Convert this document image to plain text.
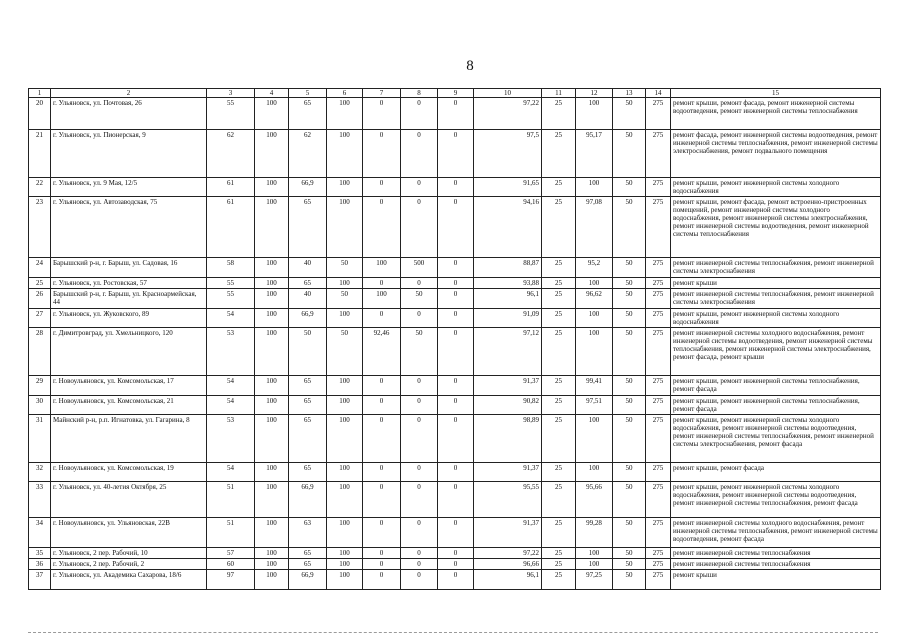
8
1	2	3	4	5	6	7	8	9	10	11	12	13	14	15
20	г. Ульяновск, ул. Почтовая, 26	55	100	65	100	0	0	0	97,22	25	100	50	275	ремонт крыши, ремонт фасада, ремонт инженерной системы водоотведения, ремонт инженерной системы теплоснабжения
21	г. Ульяновск, ул. Пионерская, 9	62	100	62	100	0	0	0	97,5	25	95,17	50	275	ремонт фасада, ремонт инженерной системы водоотведения, ремонт инженерной системы теплоснабжения, ремонт инженерной системы электроснабжения, ремонт подвального помещения
22	г. Ульяновск, ул. 9 Мая, 12/5	61	100	66,9	100	0	0	0	91,65	25	100	50	275	ремонт крыши, ремонт инженерной системы холодного водоснабжения
23	г. Ульяновск, ул. Автозаводская, 75	61	100	65	100	0	0	0	94,16	25	97,08	50	275	ремонт крыши, ремонт фасада, ремонт встроенно-пристроенных помещений, ремонт инженерной системы холодного водоснабжения, ремонт инженерной системы электроснабжения, ремонт инженерной системы водоотведения, ремонт инженерной системы теплоснабжения
24	Барышский р-н, г. Барыш, ул. Садовая, 16	58	100	40	50	100	500	0	88,87	25	95,2	50	275	ремонт инженерной системы теплоснабжения, ремонт инженерной системы электроснабжения
25	г. Ульяновск, ул. Ростовская, 57	55	100	65	100	0	0	0	93,88	25	100	50	275	ремонт крыши
26	Барышский р-н, г. Барыш, ул. Красноармейская, 44	55	100	40	50	100	50	0	96,1	25	96,62	50	275	ремонт инженерной системы теплоснабжения, ремонт инженерной системы электроснабжения
27	г. Ульяновск, ул. Жуковского, 89	54	100	66,9	100	0	0	0	91,09	25	100	50	275	ремонт крыши, ремонт инженерной системы холодного водоснабжения
28	г. Димитровград, ул. Хмельницкого, 120	53	100	50	50	92,46	50	0	97,12	25	100	50	275	ремонт инженерной системы холодного водоснабжения, ремонт инженерной системы водоотведения, ремонт инженерной системы теплоснабжения, ремонт инженерной системы электроснабжения, ремонт фасада, ремонт крыши
29	г. Новоульяновск, ул. Комсомольская, 17	54	100	65	100	0	0	0	91,37	25	99,41	50	275	ремонт крыши, ремонт инженерной системы теплоснабжения, ремонт фасада
30	г. Новоульяновск, ул. Комсомольская, 21	54	100	65	100	0	0	0	90,82	25	97,51	50	275	ремонт крыши, ремонт инженерной системы теплоснабжения, ремонт фасада
31	Майнский р-н, р.п. Игнатовка, ул. Гагарина, 8	53	100	65	100	0	0	0	98,89	25	100	50	275	ремонт крыши, ремонт инженерной системы холодного водоснабжения, ремонт инженерной системы водоотведения, ремонт инженерной системы теплоснабжения, ремонт инженерной системы электроснабжения, ремонт фасада
32	г. Новоульяновск, ул. Комсомольская, 19	54	100	65	100	0	0	0	91,37	25	100	50	275	ремонт крыши, ремонт фасада
33	г. Ульяновск, ул. 40-летия Октября, 25	51	100	66,9	100	0	0	0	95,55	25	95,66	50	275	ремонт крыши, ремонт инженерной системы холодного водоснабжения, ремонт инженерной системы водоотведения, ремонт инженерной системы теплоснабжения, ремонт фасада
34	г. Новоульяновск, ул. Ульяновская, 22В	51	100	63	100	0	0	0	91,37	25	99,28	50	275	ремонт инженерной системы холодного водоснабжения, ремонт инженерной системы теплоснабжения, ремонт инженерной системы водоотведения, ремонт фасада
35	г. Ульяновск, 2 пер. Рабочий, 10	57	100	65	100	0	0	0	97,22	25	100	50	275	ремонт инженерной системы теплоснабжения
36	г. Ульяновск, 2 пер. Рабочий, 2	60	100	65	100	0	0	0	96,66	25	100	50	275	ремонт инженерной системы теплоснабжения
37	г. Ульяновск, ул. Академика Сахарова, 18/6	97	100	66,9	100	0	0	0	96,1	25	97,25	50	275	ремонт крыши
